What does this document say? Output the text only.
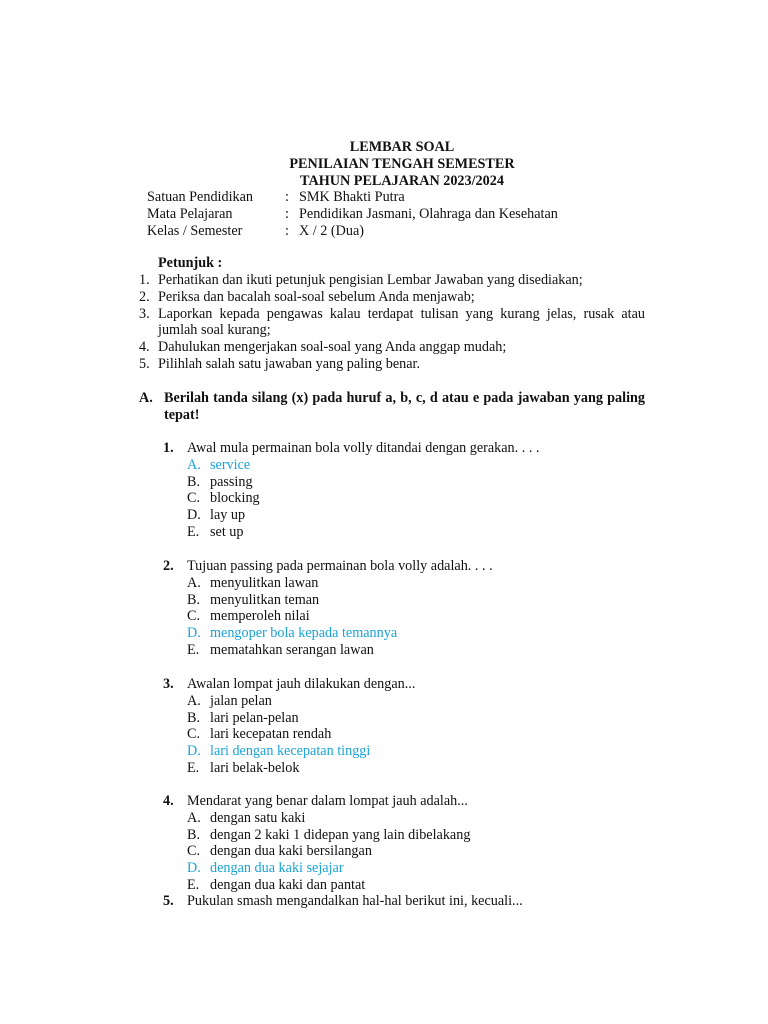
LEMBAR SOAL
PENILAIAN TENGAH SEMESTER
TAHUN PELAJARAN 2023/2024
Satuan Pendidikan	: SMK Bhakti Putra
Mata Pelajaran	: Pendidikan Jasmani, Olahraga dan Kesehatan
Kelas / Semester	: X / 2 (Dua)
Petunjuk :
1. Perhatikan dan ikuti petunjuk pengisian Lembar Jawaban yang disediakan;
2. Periksa dan bacalah soal-soal sebelum Anda menjawab;
3. Laporkan kepada pengawas kalau terdapat tulisan yang kurang jelas, rusak atau jumlah soal kurang;
4. Dahulukan mengerjakan soal-soal yang Anda anggap mudah;
5. Pilihlah salah satu jawaban yang paling benar.
A. Berilah tanda silang (x) pada huruf a, b, c, d atau e pada jawaban yang paling tepat!
1. Awal mula permainan bola volly ditandai dengan gerakan. . . .
A. service
B. passing
C. blocking
D. lay up
E. set up
2. Tujuan passing pada permainan bola volly adalah. . . .
A. menyulitkan lawan
B. menyulitkan teman
C. memperoleh nilai
D. mengoper bola kepada temannya
E. mematahkan serangan lawan
3. Awalan lompat jauh dilakukan dengan...
A. jalan pelan
B. lari pelan-pelan
C. lari kecepatan rendah
D. lari dengan kecepatan tinggi
E. lari belak-belok
4. Mendarat yang benar dalam lompat jauh adalah...
A. dengan satu kaki
B. dengan 2 kaki 1 didepan yang lain dibelakang
C. dengan dua kaki bersilangan
D. dengan dua kaki sejajar
E. dengan dua kaki dan pantat
5. Pukulan smash mengandalkan hal-hal berikut ini, kecuali...
